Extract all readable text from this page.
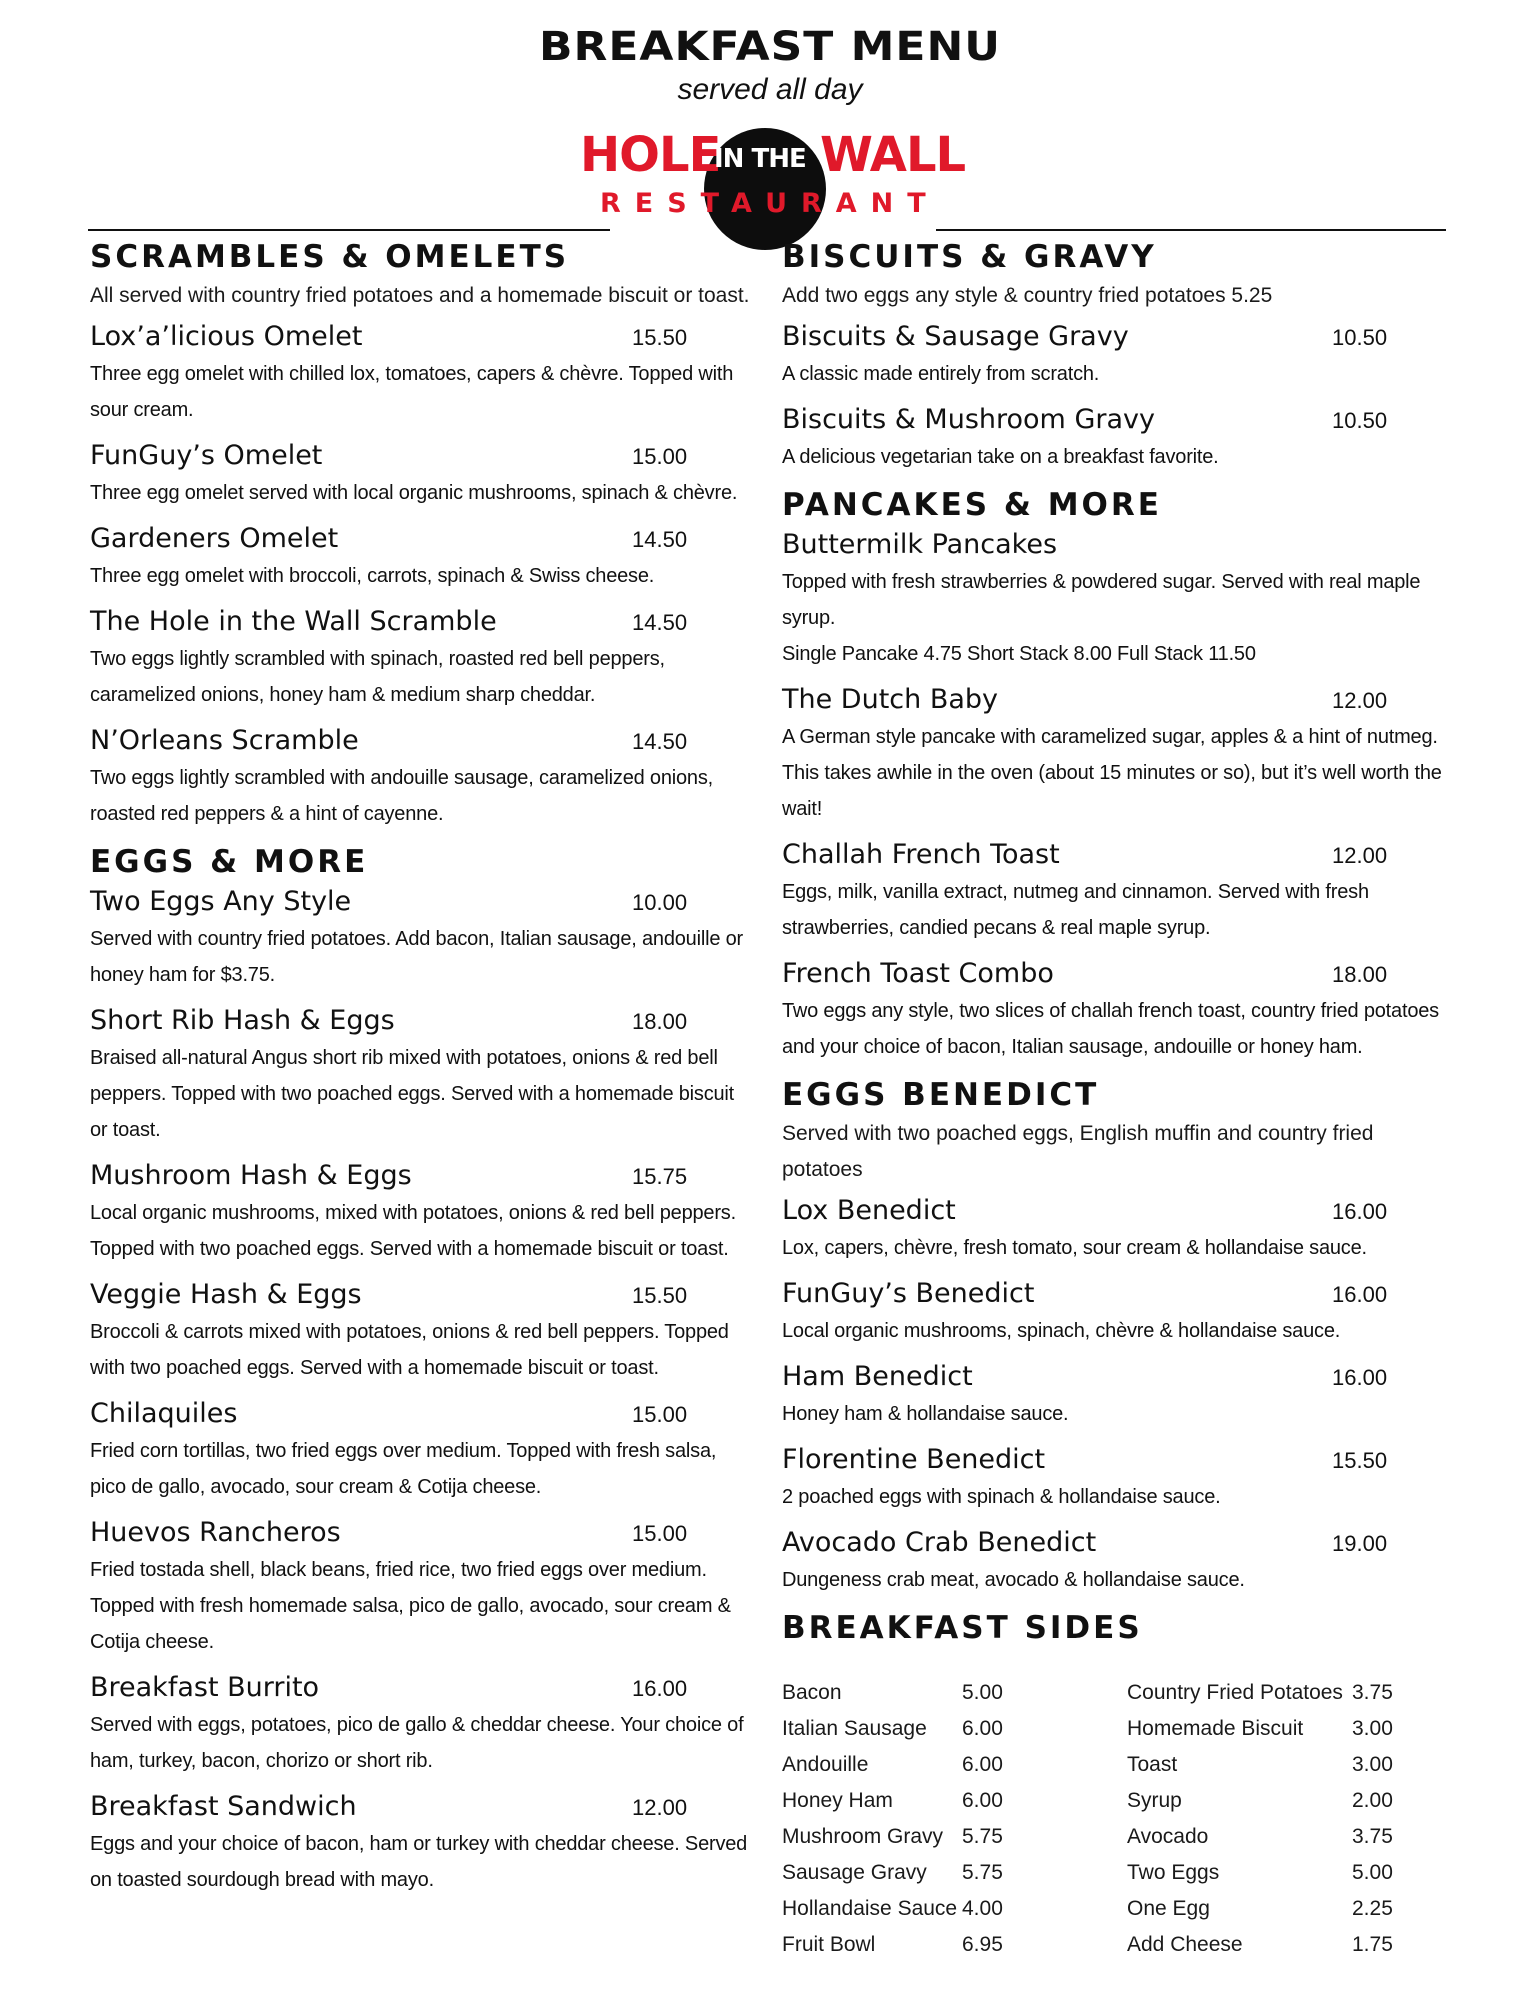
BREAKFAST MENU

served all day

HOLE
IN THE WALL
RESTAURANT
SCRAMBLES & OMELETS

All served with country fried potatoes and a homemade biscuit or toast.

Lox’a’licious Omelet	15.50
Three egg omelet with chilled lox, tomatoes, capers & chèvre. Topped with sour cream.
FunGuy’s Omelet	15.00
Three egg omelet served with local organic mushrooms, spinach & chèvre.
Gardeners Omelet	14.50
Three egg omelet with broccoli, carrots, spinach & Swiss cheese.
The Hole in the Wall Scramble	14.50
Two eggs lightly scrambled with spinach, roasted red bell peppers, caramelized onions, honey ham & medium sharp cheddar.
N’Orleans Scramble	14.50
Two eggs lightly scrambled with andouille sausage, caramelized onions, roasted red peppers & a hint of cayenne.
EGGS & MORE
Two Eggs Any Style	10.00
Served with country fried potatoes. Add bacon, Italian sausage, andouille or honey ham for $3.75.
Short Rib Hash & Eggs	18.00
Braised all-natural Angus short rib mixed with potatoes, onions & red bell peppers. Topped with two poached eggs. Served with a homemade biscuit or toast.
Mushroom Hash & Eggs	15.75
Local organic mushrooms, mixed with potatoes, onions & red bell peppers. Topped with two poached eggs. Served with a homemade biscuit or toast.
Veggie Hash & Eggs	15.50
Broccoli & carrots mixed with potatoes, onions & red bell peppers. Topped with two poached eggs. Served with a homemade biscuit or toast.
Chilaquiles	15.00
Fried corn tortillas, two fried eggs over medium. Topped with fresh salsa, pico de gallo, avocado, sour cream & Cotija cheese.
Huevos Rancheros	15.00
Fried tostada shell, black beans, fried rice, two fried eggs over medium. Topped with fresh homemade salsa, pico de gallo, avocado, sour cream & Cotija cheese.
Breakfast Burrito	16.00
Served with eggs, potatoes, pico de gallo & cheddar cheese. Your choice of ham, turkey, bacon, chorizo or short rib.
Breakfast Sandwich	12.00
Eggs and your choice of bacon, ham or turkey with cheddar cheese. Served on toasted sourdough bread with mayo.
BISCUITS & GRAVY

Add two eggs any style & country fried potatoes 5.25

Biscuits & Sausage Gravy	10.50
A classic made entirely from scratch.
Biscuits & Mushroom Gravy	10.50
A delicious vegetarian take on a breakfast favorite.
PANCAKES & MORE
Buttermilk Pancakes
Topped with fresh strawberries & powdered sugar. Served with real maple syrup.
Single Pancake 4.75 Short Stack 8.00 Full Stack 11.50
The Dutch Baby	12.00
A German style pancake with caramelized sugar, apples & a hint of nutmeg. This takes awhile in the oven (about 15 minutes or so), but it’s well worth the wait!
Challah French Toast	12.00
Eggs, milk, vanilla extract, nutmeg and cinnamon. Served with fresh strawberries, candied pecans & real maple syrup.
French Toast Combo	18.00
Two eggs any style, two slices of challah french toast, country fried potatoes and your choice of bacon, Italian sausage, andouille or honey ham.
EGGS BENEDICT

Served with two poached eggs, English muffin and country fried potatoes

Lox Benedict	16.00
Lox, capers, chèvre, fresh tomato, sour cream & hollandaise sauce.
FunGuy’s Benedict	16.00
Local organic mushrooms, spinach, chèvre & hollandaise sauce.
Ham Benedict	16.00
Honey ham & hollandaise sauce.
Florentine Benedict	15.50
2 poached eggs with spinach & hollandaise sauce.
Avocado Crab Benedict	19.00
Dungeness crab meat, avocado & hollandaise sauce.
BREAKFAST SIDES
Bacon	5.00
Italian Sausage 6.00
Andouille	6.00
Honey Ham	6.00
Mushroom Gravy 5.75
Sausage Gravy 5.75
Hollandaise Sauce 4.00
Fruit Bowl	6.95
Country Fried Potatoes 3.75
Homemade Biscuit 3.00
Toast	3.00
Syrup	2.00
Avocado	3.75
Two Eggs	5.00
One Egg	2.25
Add Cheese	1.75
